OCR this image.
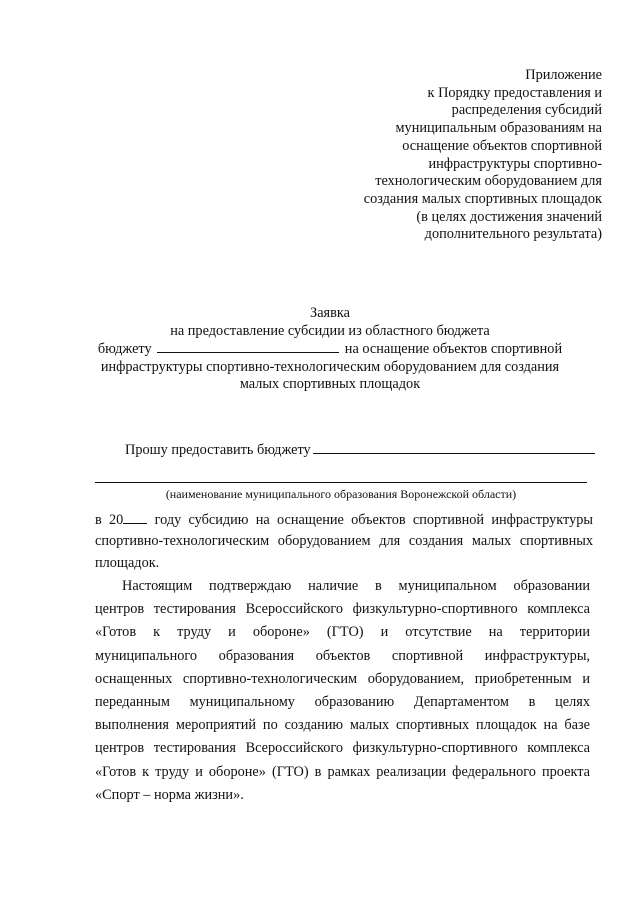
Приложение
к Порядку предоставления и
распределения субсидий
муниципальным образованиям на
оснащение объектов спортивной
инфраструктуры спортивно-
технологическим оборудованием для
создания малых спортивных площадок
(в целях достижения значений
дополнительного результата)
Заявка
на предоставление субсидии из областного бюджета
бюджету	на оснащение объектов спортивной
инфраструктуры спортивно-технологическим оборудованием для создания
малых спортивных площадок
Прошу предоставить бюджету
(наименование муниципального образования Воронежской области)
в 20 году субсидию на оснащение объектов спортивной инфраструктуры спортивно-технологическим оборудованием для создания малых спортивных площадок.
Настоящим подтверждаю наличие в муниципальном образовании
центров тестирования Всероссийского физкультурно-спортивного комплекса
«Готов к труду и обороне» (ГТО) и отсутствие на территории
муниципального образования объектов спортивной инфраструктуры,
оснащенных спортивно-технологическим оборудованием, приобретенным и
переданным муниципальному образованию Департаментом в целях
выполнения мероприятий по созданию малых спортивных площадок на базе
центров тестирования Всероссийского физкультурно-спортивного комплекса
«Готов к труду и обороне» (ГТО) в рамках реализации федерального проекта
«Спорт – норма жизни».
